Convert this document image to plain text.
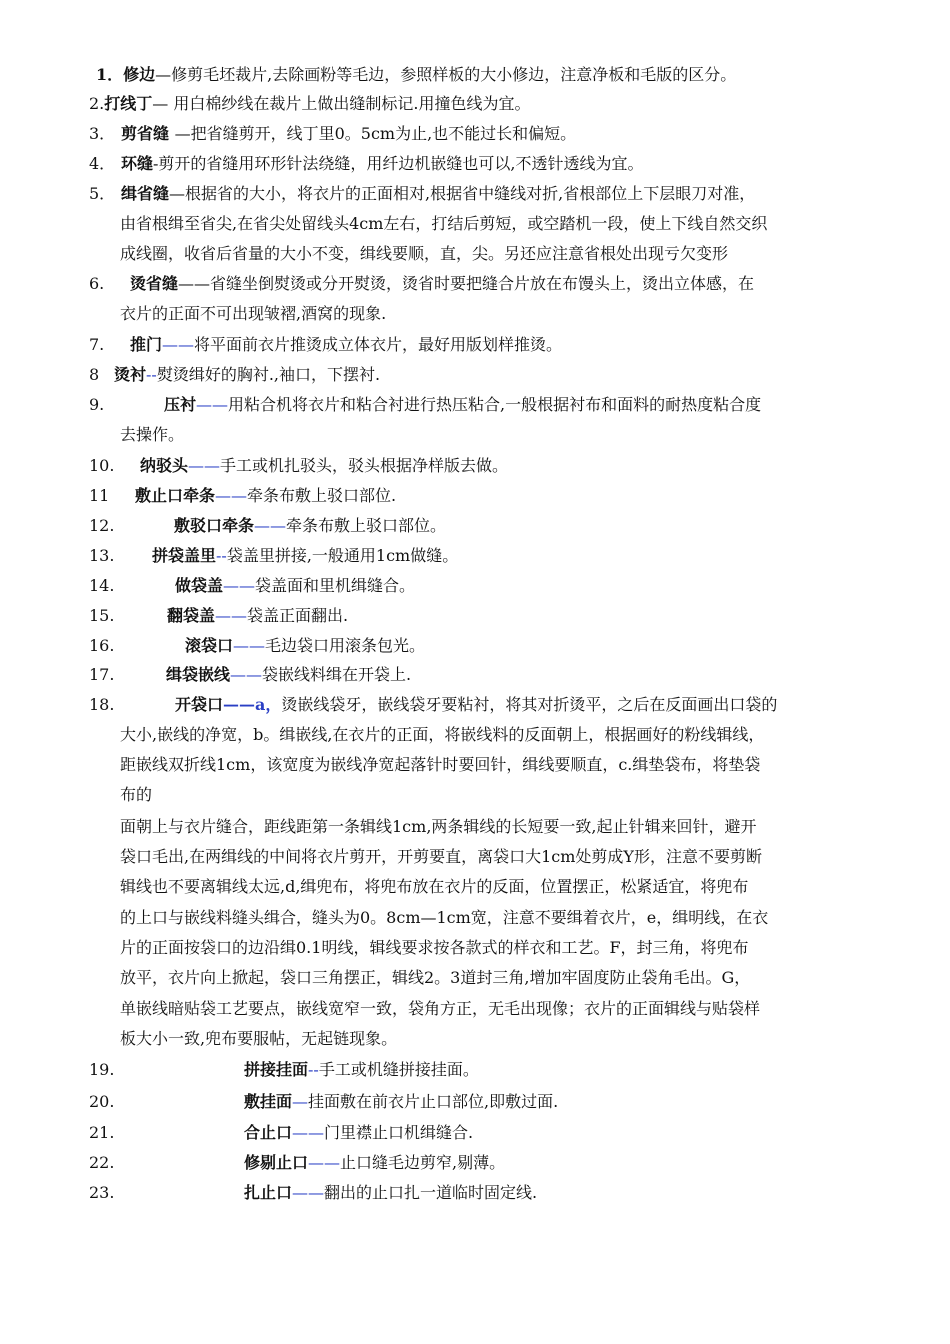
1．修边—修剪毛坯裁片,去除画粉等毛边，参照样板的大小修边，注意净板和毛版的区分。
2.打线丁— 用白棉纱线在裁片上做出缝制标记.用撞色线为宜。
3． 剪省缝 —把省缝剪开，线丁里0。5cm为止,也不能过长和偏短。
4． 环缝-剪开的省缝用环形针法绕缝，用纤边机嵌缝也可以,不透针透线为宜。
5． 缉省缝—根据省的大小，将衣片的正面相对,根据省中缝线对折,省根部位上下层眼刀对准，
由省根缉至省尖,在省尖处留线头4cm左右，打结后剪短，或空踏机一段，使上下线自然交织
成线圈，收省后省量的大小不变，缉线要顺，直，尖。另还应注意省根处出现亏欠变形
6. 烫省缝——省缝坐倒熨烫或分开熨烫，烫省时要把缝合片放在布馒头上，烫出立体感，在
衣片的正面不可出现皱褶,酒窝的现象.
7. 推门——将平面前衣片推烫成立体衣片，最好用版划样推烫。
8 烫衬--熨烫缉好的胸衬.,袖口，下摆衬.
9.	压衬——用粘合机将衣片和粘合衬进行热压粘合,一般根据衬布和面料的耐热度粘合度
去操作。
10. 纳驳头——手工或机扎驳头，驳头根据净样版去做。
11 敷止口牵条——牵条布敷上驳口部位.
12.	敷驳口牵条——牵条布敷上驳口部位。
13. 拼袋盖里--袋盖里拼接,一般通用1cm做缝。
14.	做袋盖——袋盖面和里机缉缝合。
15.	翻袋盖——袋盖正面翻出.
16.	滚袋口——毛边袋口用滚条包光。
17.	缉袋嵌线——袋嵌线料缉在开袋上.
18.	开袋口——a，烫嵌线袋牙，嵌线袋牙要粘衬，将其对折烫平，之后在反面画出口袋的
大小,嵌线的净宽，b。缉嵌线,在衣片的正面，将嵌线料的反面朝上，根据画好的粉线辑线，
距嵌线双折线1cm，该宽度为嵌线净宽起落针时要回针，缉线要顺直，c.缉垫袋布，将垫袋
布的
面朝上与衣片缝合，距线距第一条辑线1cm,两条辑线的长短要一致,起止针辑来回针，避开
袋口毛出,在两缉线的中间将衣片剪开，开剪要直，离袋口大1cm处剪成Y形，注意不要剪断
辑线也不要离辑线太远,d,缉兜布，将兜布放在衣片的反面，位置摆正，松紧适宜，将兜布
的上口与嵌线料缝头缉合，缝头为0。8cm—1cm宽，注意不要缉着衣片，e，缉明线，在衣
片的正面按袋口的边沿缉0.1明线，辑线要求按各款式的样衣和工艺。F，封三角，将兜布
放平，衣片向上掀起，袋口三角摆正，辑线2。3道封三角,增加牢固度防止袋角毛出。G，
单嵌线暗贴袋工艺要点，嵌线宽窄一致，袋角方正，无毛出现像；衣片的正面辑线与贴袋样
板大小一致,兜布要服帖，无起链现象。
19.	拼接挂面--手工或机缝拼接挂面。
20.	敷挂面—挂面敷在前衣片止口部位,即敷过面.
21.	合止口——门里襟止口机缉缝合.
22.	修剔止口——止口缝毛边剪窄,剔薄。
23.	扎止口——翻出的止口扎一道临时固定线.
